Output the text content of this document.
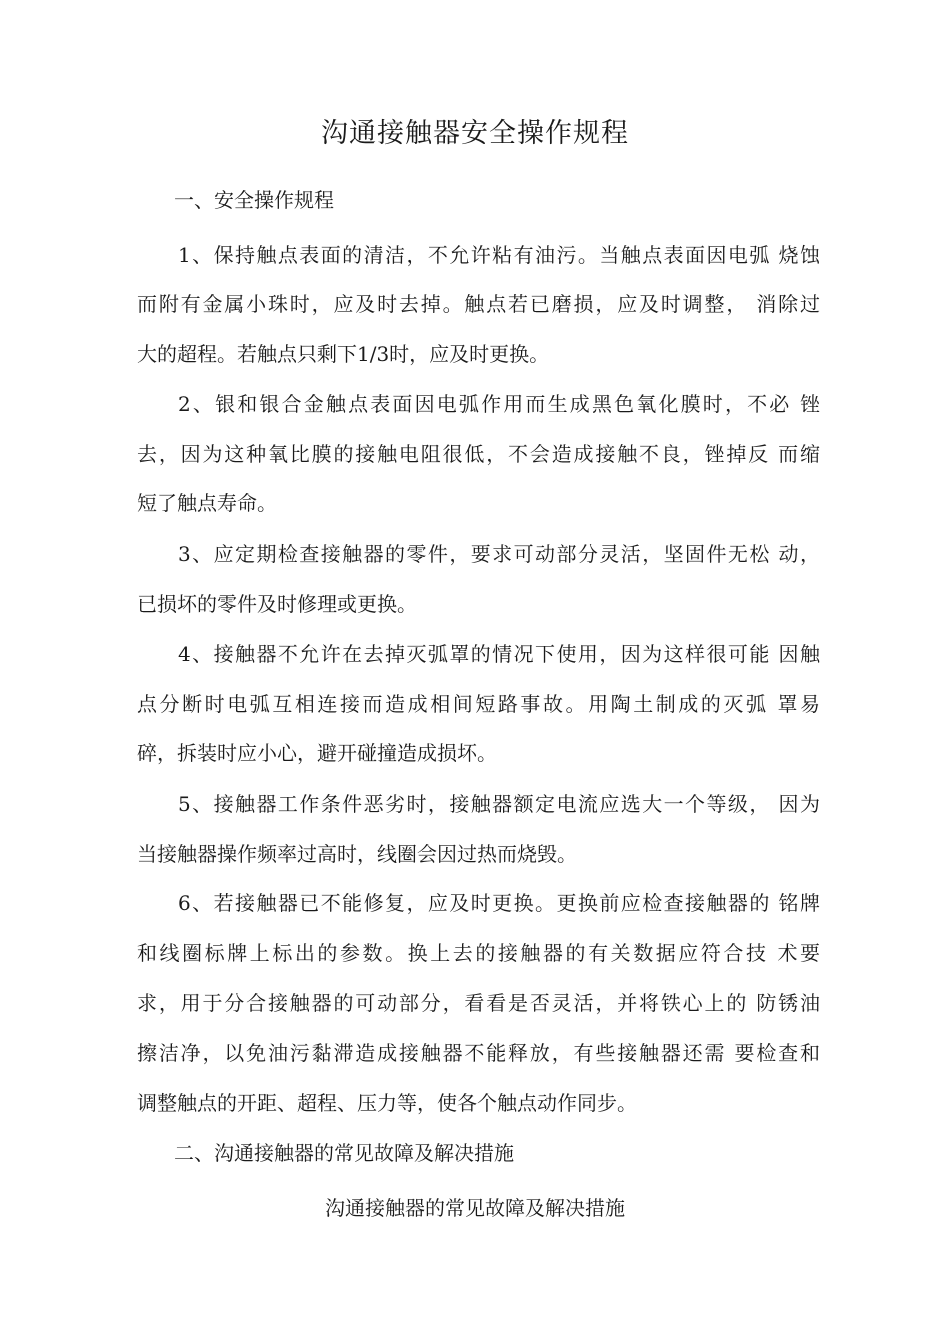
沟通接触器安全操作规程
一、安全操作规程
1、保持触点表面的清洁，不允许粘有油污。当触点表面因电弧 烧蚀
而附有金属小珠时，应及时去掉。触点若已磨损，应及时调整， 消除过
大的超程。若触点只剩下1/3时，应及时更换。
2、银和银合金触点表面因电弧作用而生成黑色氧化膜时，不必 锉
去，因为这种氧比膜的接触电阻很低，不会造成接触不良，锉掉反 而缩
短了触点寿命。
3、应定期检查接触器的零件，要求可动部分灵活，坚固件无松 动，
已损坏的零件及时修理或更换。
4、接触器不允许在去掉灭弧罩的情况下使用，因为这样很可能 因触
点分断时电弧互相连接而造成相间短路事故。用陶土制成的灭弧 罩易
碎，拆装时应小心，避开碰撞造成损坏。
5、接触器工作条件恶劣时，接触器额定电流应选大一个等级， 因为
当接触器操作频率过高时，线圈会因过热而烧毁。
6、若接触器已不能修复，应及时更换。更换前应检查接触器的 铭牌
和线圈标牌上标出的参数。换上去的接触器的有关数据应符合技 术要
求，用于分合接触器的可动部分，看看是否灵活，并将铁心上的 防锈油
擦洁净，以免油污黏滞造成接触器不能释放，有些接触器还需 要检查和
调整触点的开距、超程、压力等，使各个触点动作同步。
二、沟通接触器的常见故障及解决措施
沟通接触器的常见故障及解决措施
